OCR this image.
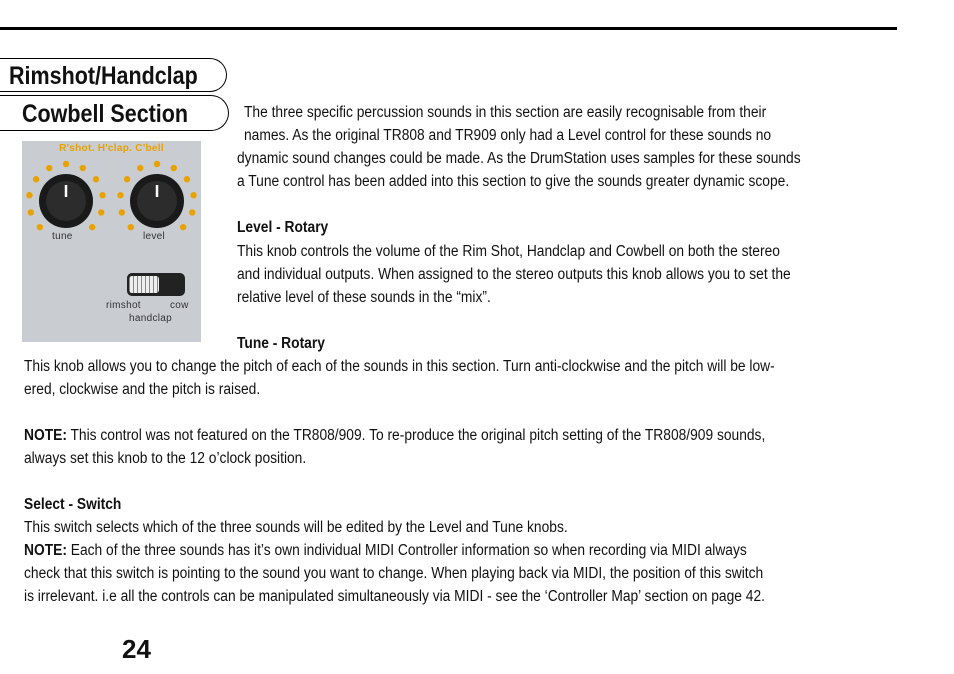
Rimshot/Handclap
Cowbell Section
R'shot. H'clap. C'bell
tune	level
rimshot	cow
handclap
The three specific percussion sounds in this section are easily recognisable from their
names. As the original TR808 and TR909 only had a Level control for these sounds no
dynamic sound changes could be made. As the DrumStation uses samples for these sounds
a Tune control has been added into this section to give the sounds greater dynamic scope.
Level - Rotary
This knob controls the volume of the Rim Shot, Handclap and Cowbell on both the stereo
and individual outputs. When assigned to the stereo outputs this knob allows you to set the
relative level of these sounds in the “mix”.
Tune - Rotary
This knob allows you to change the pitch of each of the sounds in this section. Turn anti-clockwise and the pitch will be low-
ered, clockwise and the pitch is raised.
NOTE: This control was not featured on the TR808/909. To re-produce the original pitch setting of the TR808/909 sounds,
always set this knob to the 12 o’clock position.
Select - Switch
This switch selects which of the three sounds will be edited by the Level and Tune knobs.
NOTE: Each of the three sounds has it’s own individual MIDI Controller information so when recording via MIDI always
check that this switch is pointing to the sound you want to change. When playing back via MIDI, the position of this switch
is irrelevant. i.e all the controls can be manipulated simultaneously via MIDI - see the ‘Controller Map’ section on page 42.
24
